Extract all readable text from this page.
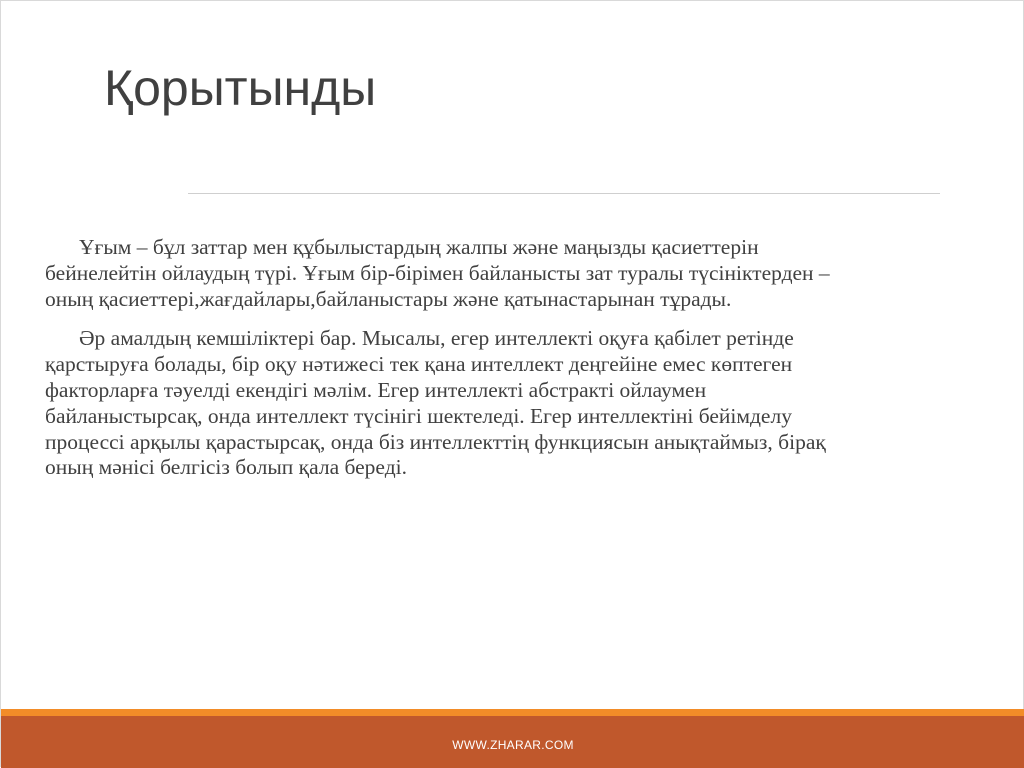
Қорытынды

Ұғым – бұл заттар мен құбылыстардың жалпы және маңызды қасиеттерін
бейнелейтін ойлаудың түрі. Ұғым бір-бірімен байланысты зат туралы түсініктерден –
оның қасиеттері,жағдайлары,байланыстары және қатынастарынан тұрады.

Әр амалдың кемшіліктері бар. Мысалы, егер интеллекті оқуға қабілет ретінде
қарстыруға болады, бір оқу нәтижесі тек қана интеллект деңгейіне емес көптеген
факторларға тәуелді екендігі мәлім. Егер интеллекті абстракті ойлаумен
байланыстырсақ, онда интеллект түсінігі шектеледі. Егер интеллектіні бейімделу
процессі арқылы қарастырсақ, онда біз интеллекттің функциясын анықтаймыз, бірақ
оның мәнісі белгісіз болып қала береді.

WWW.ZHARAR.COM
